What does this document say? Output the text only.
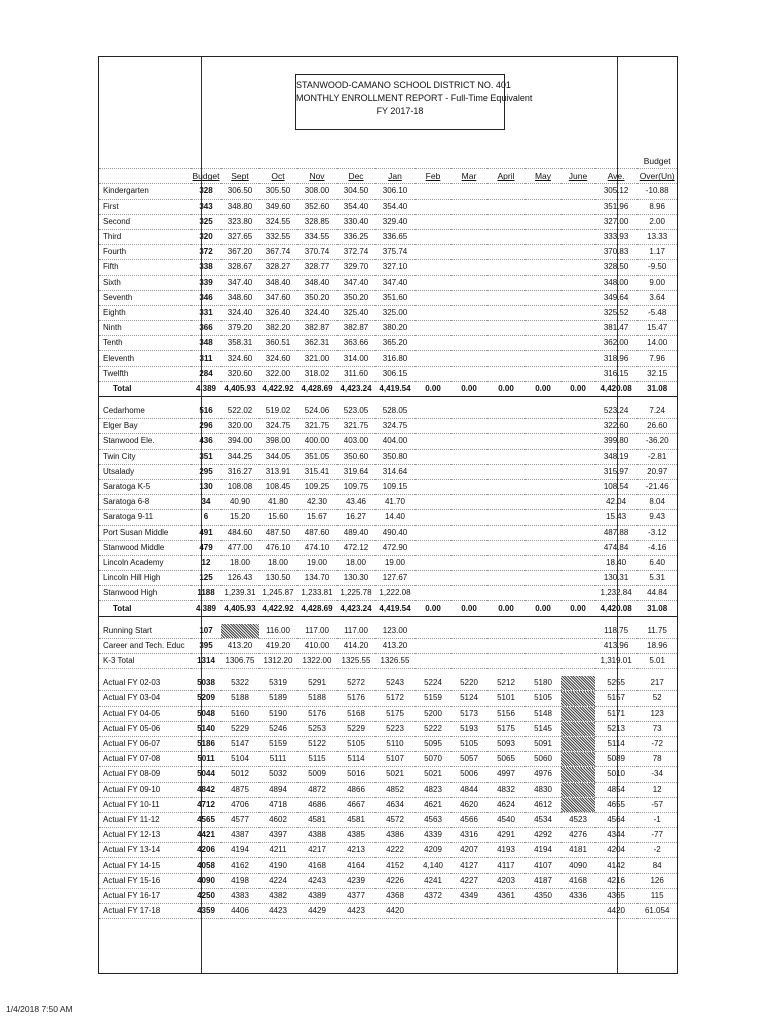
STANWOOD-CAMANO SCHOOL DISTRICT NO. 401
MONTHLY ENROLLMENT REPORT - Full-Time Equivalent
FY 2017-18
													Budget
	Budget	Sept	Oct	Nov	Dec	Jan	Feb	Mar	April	May	June	Ave.	Over(Un)
Kindergarten	328	306.50	305.50	308.00	304.50	306.10						305.12	-10.88
First	343	348.80	349.60	352.60	354.40	354.40						351.96	8.96
Second	325	323.80	324.55	328.85	330.40	329.40						327.00	2.00
Third	320	327.65	332.55	334.55	336.25	336.65						333.93	13.33
Fourth	372	367.20	367.74	370.74	372.74	375.74						370.83	1.17
Fifth	338	328.67	328.27	328.77	329.70	327.10						328.50	-9.50
Sixth	339	347.40	348.40	348.40	347.40	347.40						348.00	9.00
Seventh	346	348.60	347.60	350.20	350.20	351.60						349.64	3.64
Eighth	331	324.40	326.40	324.40	325.40	325.00						325.52	-5.48
Ninth	366	379.20	382.20	382.87	382.87	380.20						381.47	15.47
Tenth	348	358.31	360.51	362.31	363.66	365.20						362.00	14.00
Eleventh	311	324.60	324.60	321.00	314.00	316.80						318.96	7.96
Twelfth	284	320.60	322.00	318.02	311.60	306.15						316.15	32.15
Total	4,389	4,405.93	4,422.92	4,428.69	4,423.24	4,419.54	0.00	0.00	0.00	0.00	0.00	4,420.08	31.08

Cedarhome	516	522.02	519.02	524.06	523.05	528.05						523.24	7.24
Elger Bay	296	320.00	324.75	321.75	321.75	324.75						322.60	26.60
Stanwood Ele.	436	394.00	398.00	400.00	403.00	404.00						399.80	-36.20
Twin City	351	344.25	344.05	351.05	350.60	350.80						348.19	-2.81
Utsalady	295	316.27	313.91	315.41	319.64	314.64						315.97	20.97
Saratoga K-5	130	108.08	108.45	109.25	109.75	109.15						108.54	-21.46
Saratoga 6-8	34	40.90	41.80	42.30	43.46	41.70						42.04	8.04
Saratoga 9-11	6	15.20	15.60	15.67	16.27	14.40						15.43	9.43
Port Susan Middle	491	484.60	487.50	487.60	489.40	490.40						487.88	-3.12
Stanwood Middle	479	477.00	476.10	474.10	472.12	472.90						474.84	-4.16
Lincoln Academy	12	18.00	18.00	19.00	18.00	19.00						18.40	6.40
Lincoln Hill High	125	126.43	130.50	134.70	130.30	127.67						130.31	5.31
Stanwood High	1188	1,239.31	1,245.87	1,233.81	1,225.78	1,222.08						1,232.84	44.84
Total	4,389	4,405.93	4,422.92	4,428.69	4,423.24	4,419.54	0.00	0.00	0.00	0.00	0.00	4,420.08	31.08

Running Start	107		116.00	117.00	117.00	123.00						118.75	11.75
Career and Tech. Educ	395	413.20	419.20	410.00	414.20	413.20						413.96	18.96
K-3 Total	1314	1306.75	1312.20	1322.00	1325.55	1326.55						1,319.01	5.01

Actual FY 02-03	5038	5322	5319	5291	5272	5243	5224	5220	5212	5180		5255	217
Actual FY 03-04	5209	5188	5189	5188	5176	5172	5159	5124	5101	5105		5157	52
Actual FY 04-05	5048	5160	5190	5176	5168	5175	5200	5173	5156	5148		5171	123
Actual FY 05-06	5140	5229	5246	5253	5229	5223	5222	5193	5175	5145		5213	73
Actual FY 06-07	5186	5147	5159	5122	5105	5110	5095	5105	5093	5091		5114	-72
Actual FY 07-08	5011	5104	5111	5115	5114	5107	5070	5057	5065	5060		5089	78
Actual FY 08-09	5044	5012	5032	5009	5016	5021	5021	5006	4997	4976		5010	-34
Actual FY 09-10	4842	4875	4894	4872	4866	4852	4823	4844	4832	4830		4854	12
Actual FY 10-11	4712	4706	4718	4686	4667	4634	4621	4620	4624	4612		4655	-57
Actual FY 11-12	4565	4577	4602	4581	4581	4572	4563	4566	4540	4534	4523	4564	-1
Actual FY 12-13	4421	4387	4397	4388	4385	4386	4339	4316	4291	4292	4276	4344	-77
Actual FY 13-14	4206	4194	4211	4217	4213	4222	4209	4207	4193	4194	4181	4204	-2
Actual FY 14-15	4058	4162	4190	4168	4164	4152	4,140	4127	4117	4107	4090	4142	84
Actual FY 15-16	4090	4198	4224	4243	4239	4226	4241	4227	4203	4187	4168	4216	126
Actual FY 16-17	4250	4383	4382	4389	4377	4368	4372	4349	4361	4350	4336	4365	115
Actual FY 17-18	4359	4406	4423	4429	4423	4420						4420	61.054
1/4/2018 7:50 AM
